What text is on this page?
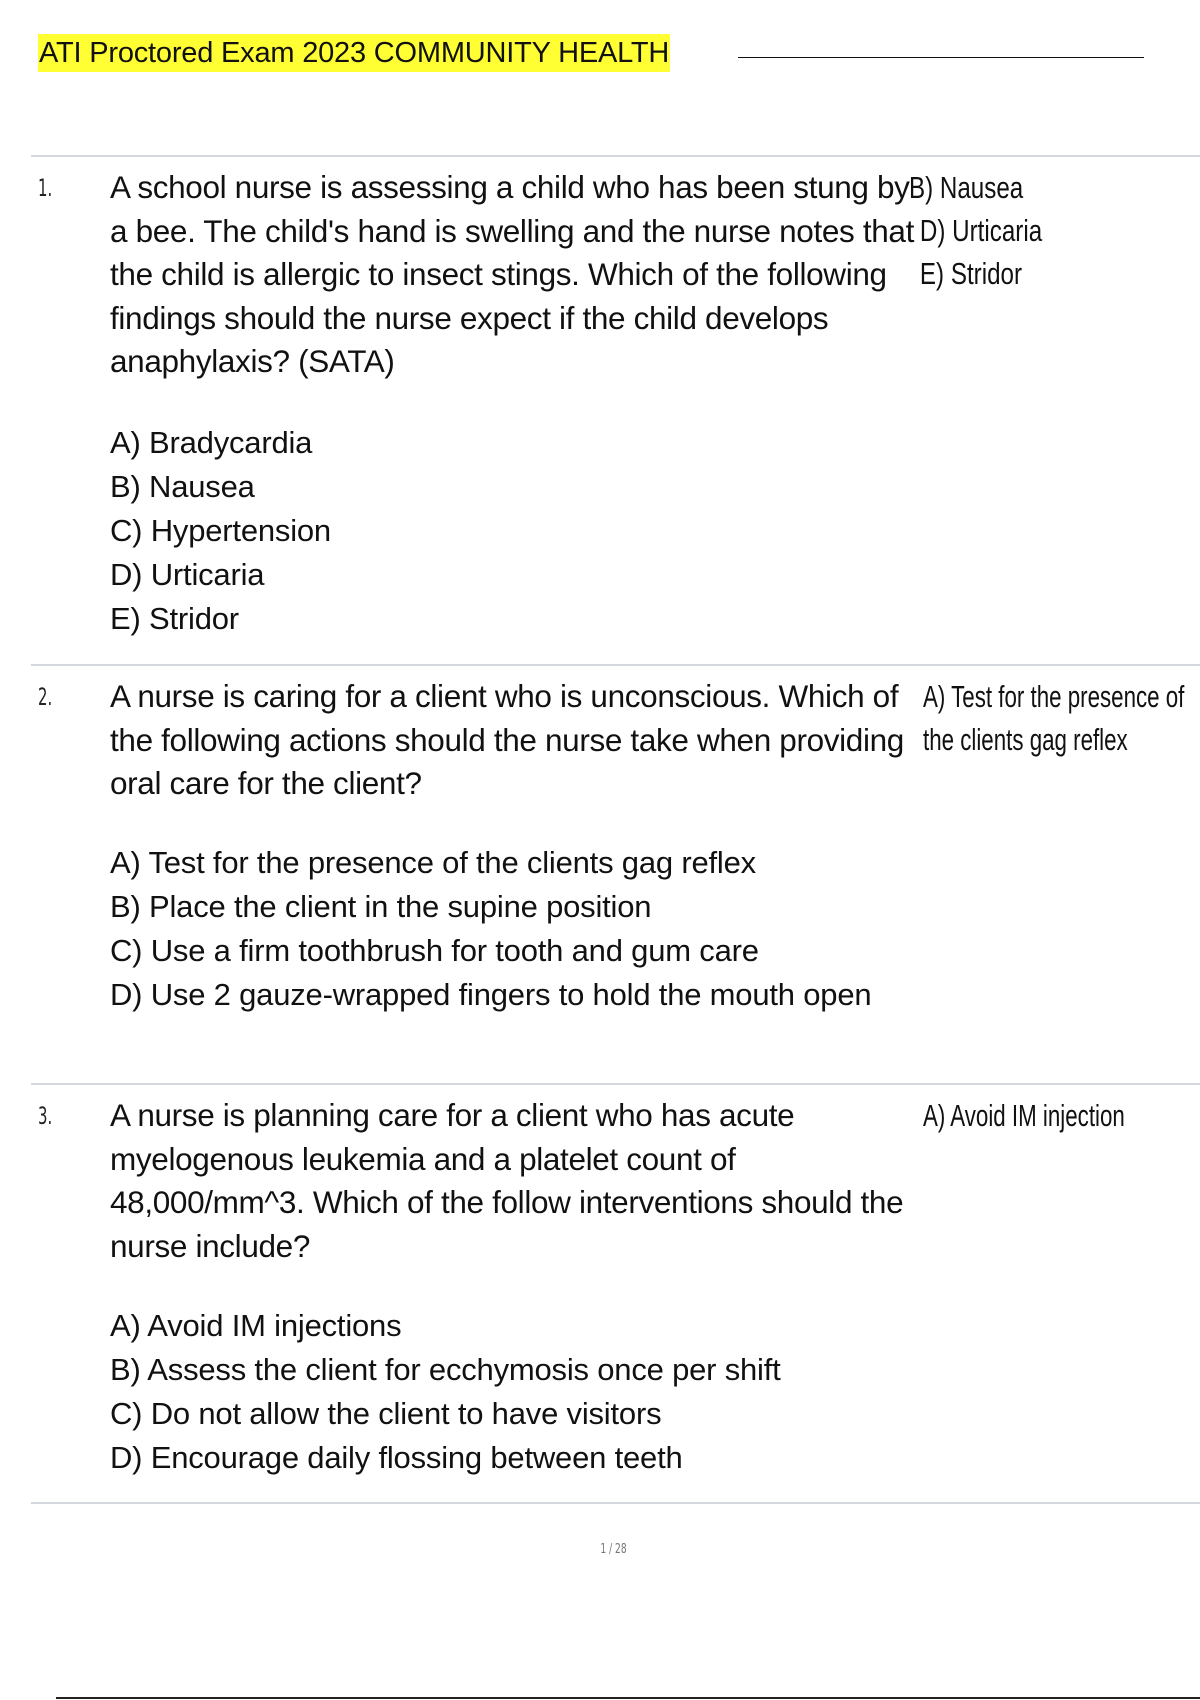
ATI Proctored Exam 2023 COMMUNITY HEALTH
1. A school nurse is assessing a child who has been stung by a bee. The child's hand is swelling and the nurse notes that the child is allergic to insect stings. Which of the following findings should the nurse expect if the child develops anaphylaxis? (SATA)

A) Bradycardia
B) Nausea
C) Hypertension
D) Urticaria
E) Stridor
B) Nausea
D) Urticaria
E) Stridor
2. A nurse is caring for a client who is unconscious. Which of the following actions should the nurse take when providing oral care for the client?

A) Test for the presence of the clients gag reflex
B) Place the client in the supine position
C) Use a firm toothbrush for tooth and gum care
D) Use 2 gauze-wrapped fingers to hold the mouth open
A) Test for the presence of
the clients gag reflex
3. A nurse is planning care for a client who has acute myelogenous leukemia and a platelet count of 48,000/mm^3. Which of the follow interventions should the nurse include?

A) Avoid IM injections
B) Assess the client for ecchymosis once per shift
C) Do not allow the client to have visitors
D) Encourage daily flossing between teeth
A) Avoid IM injection
1 / 28
